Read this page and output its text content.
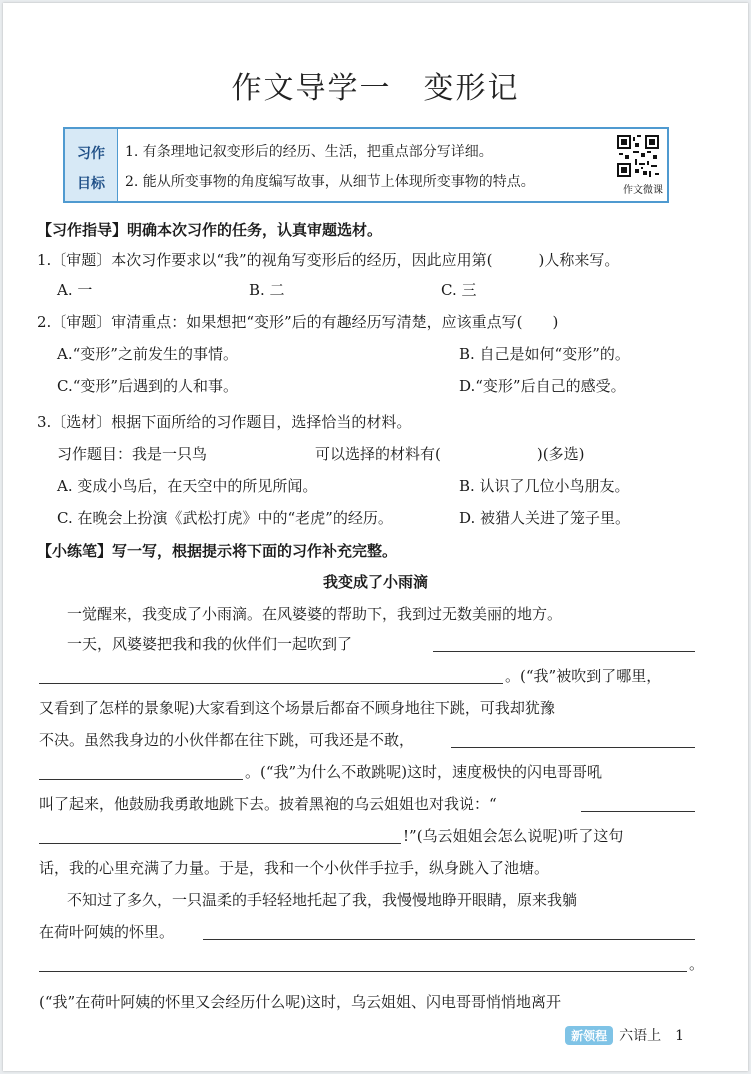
作文导学一　变形记
习作
目标
1. 有条理地记叙变形后的经历、生活，把重点部分写详细。
2. 能从所变事物的角度编写故事，从细节上体现所变事物的特点。
作文微课
【习作指导】明确本次习作的任务，认真审题选材。
1.〔审题〕本次习作要求以“我”的视角写变形后的经历，因此应用第(	)人称来写。
A. 一	B. 二	C. 三
2.〔审题〕审清重点：如果想把“变形”后的有趣经历写清楚，应该重点写(　　)
A.“变形”之前发生的事情。	B. 自己是如何“变形”的。
C.“变形”后遇到的人和事。	D.“变形”后自己的感受。
3.〔选材〕根据下面所给的习作题目，选择恰当的材料。
习作题目：我是一只鸟	可以选择的材料有(	)(多选)
A. 变成小鸟后，在天空中的所见所闻。	B. 认识了几位小鸟朋友。
C. 在晚会上扮演《武松打虎》中的“老虎”的经历。	D. 被猎人关进了笼子里。
【小练笔】写一写，根据提示将下面的习作补充完整。
我变成了小雨滴
一觉醒来，我变成了小雨滴。在风婆婆的帮助下，我到过无数美丽的地方。
一天，风婆婆把我和我的伙伴们一起吹到了
。(“我”被吹到了哪里，
又看到了怎样的景象呢)大家看到这个场景后都奋不顾身地往下跳，可我却犹豫
不决。虽然我身边的小伙伴都在往下跳，可我还是不敢，
。(“我”为什么不敢跳呢)这时，速度极快的闪电哥哥吼
叫了起来，他鼓励我勇敢地跳下去。披着黑袍的乌云姐姐也对我说：“
!”(乌云姐姐会怎么说呢)听了这句
话，我的心里充满了力量。于是，我和一个小伙伴手拉手，纵身跳入了池塘。
不知过了多久，一只温柔的手轻轻地托起了我，我慢慢地睁开眼睛，原来我躺
在荷叶阿姨的怀里。
。
(“我”在荷叶阿姨的怀里又会经历什么呢)这时，乌云姐姐、闪电哥哥悄悄地离开
新领程 六语上　1
